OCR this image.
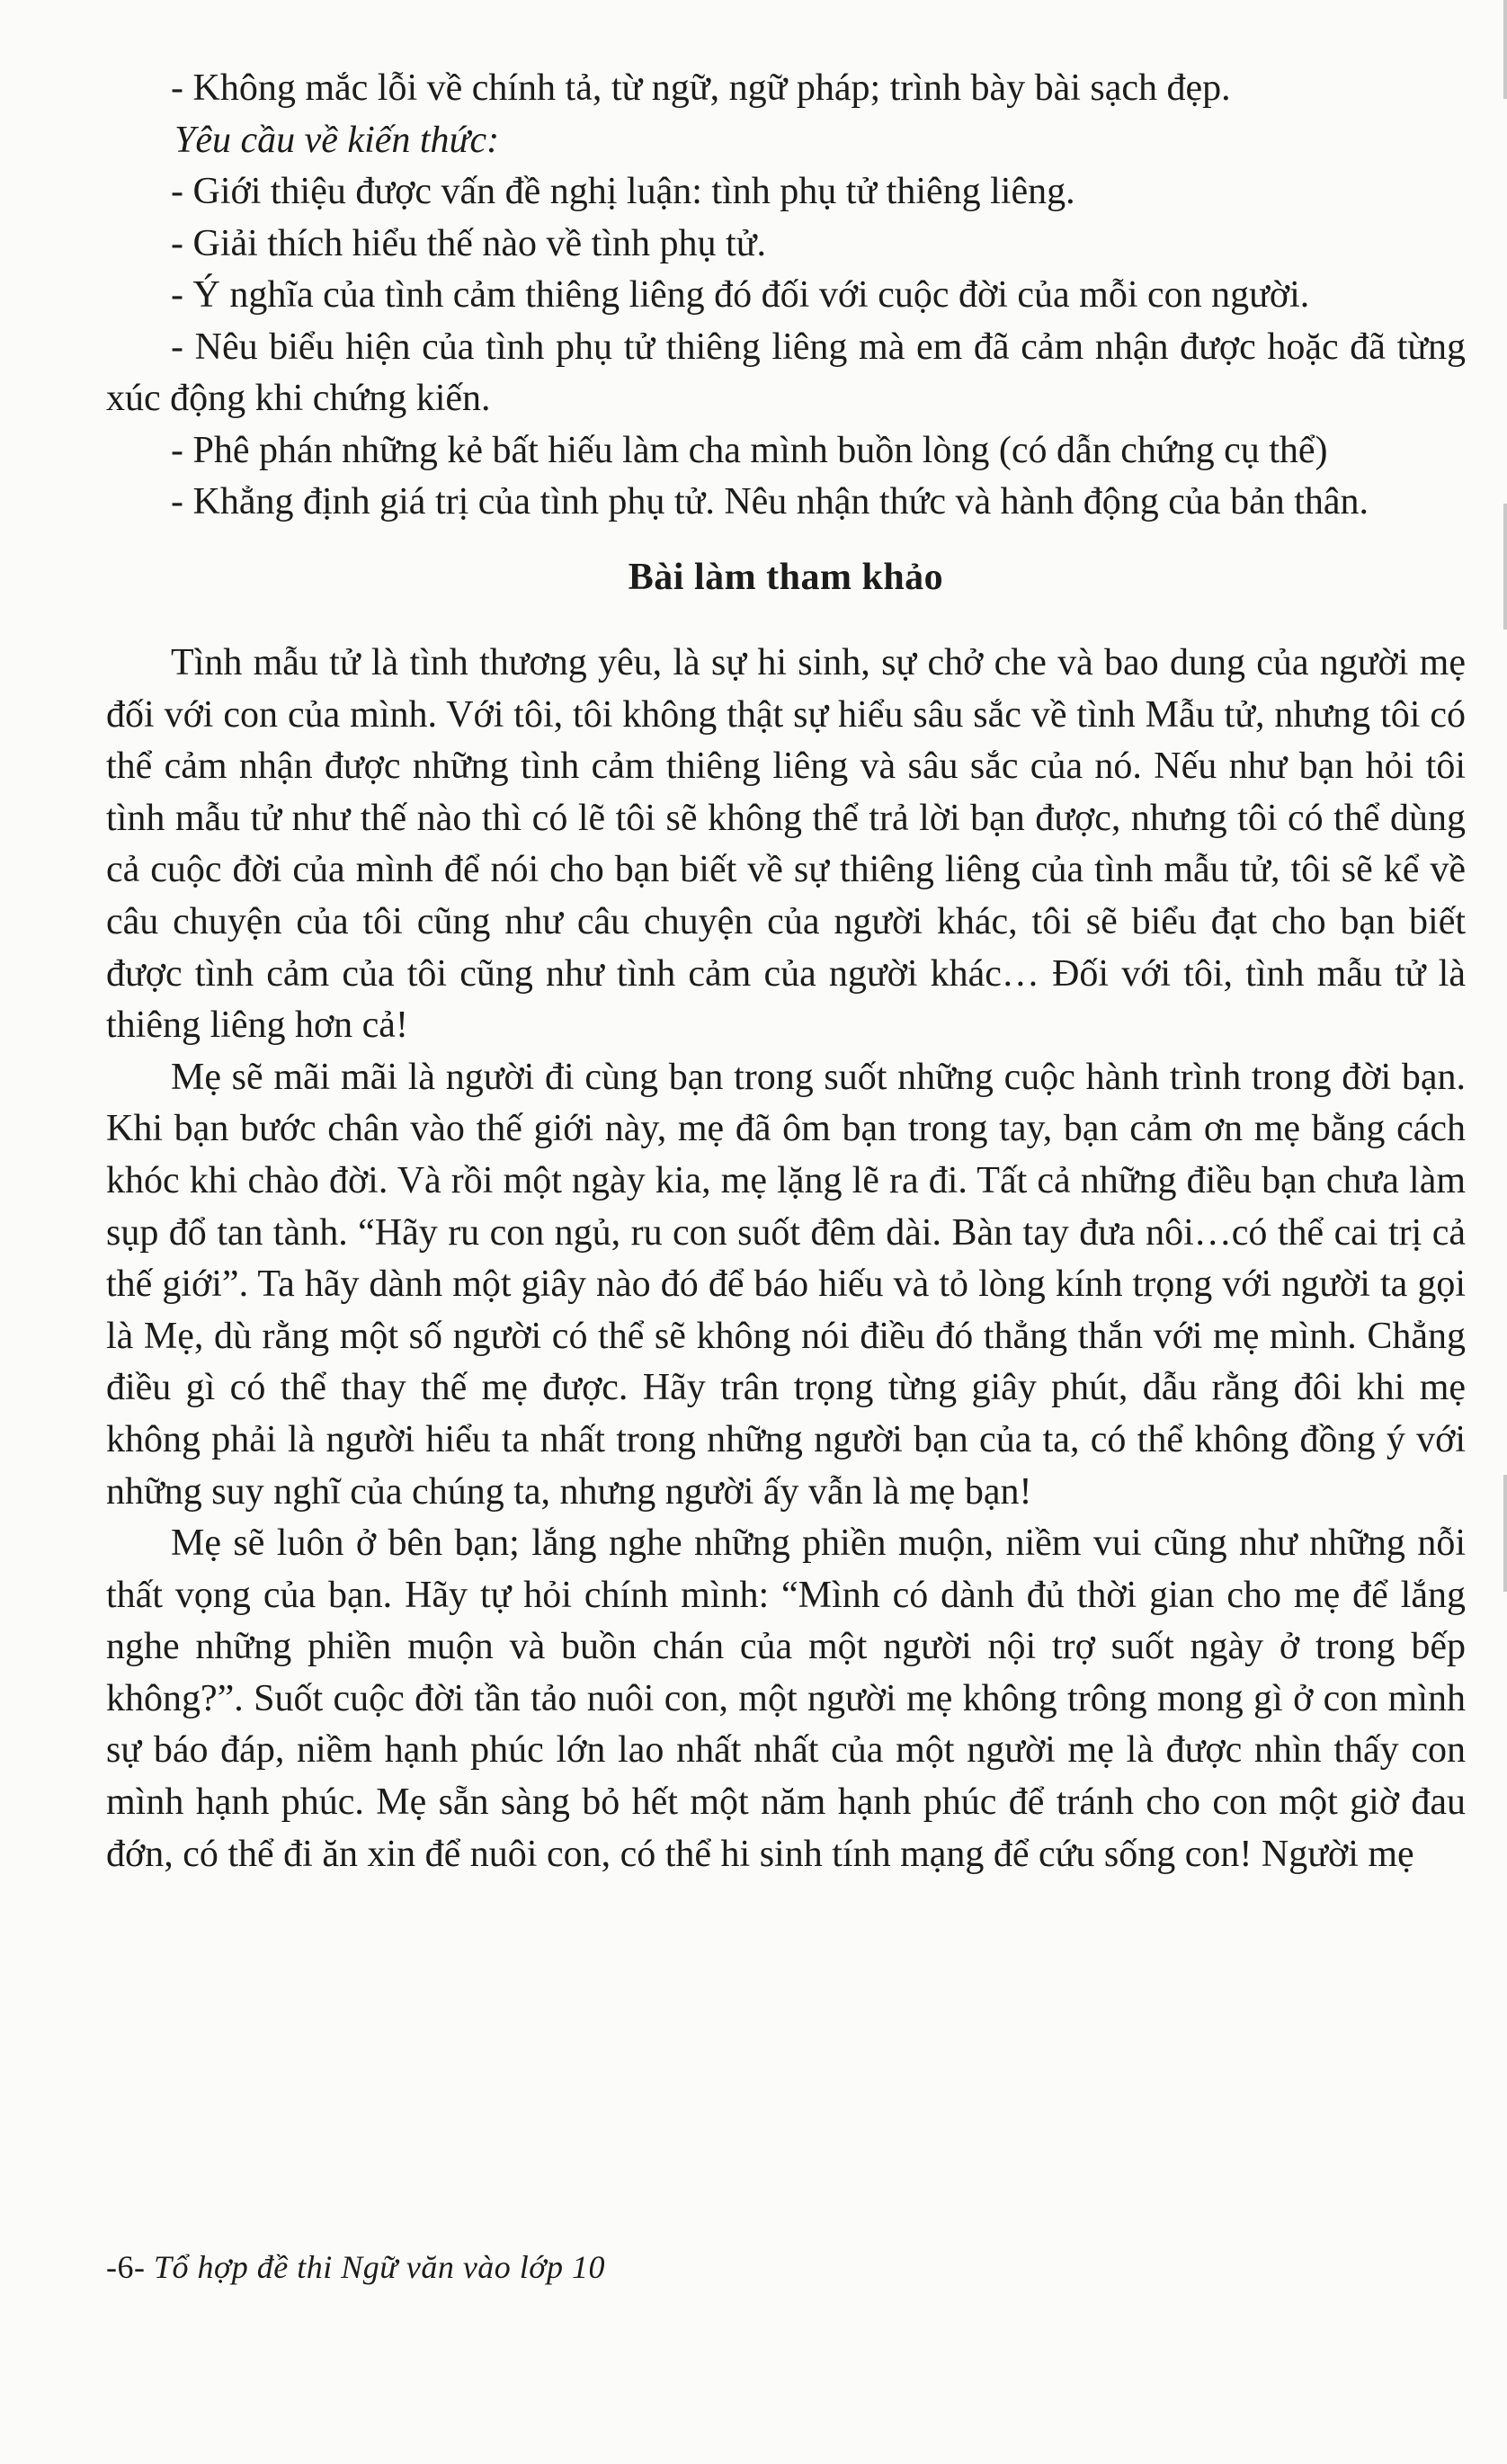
- Không mắc lỗi về chính tả, từ ngữ, ngữ pháp; trình bày bài sạch đẹp.

Yêu cầu về kiến thức:

- Giới thiệu được vấn đề nghị luận: tình phụ tử thiêng liêng.

- Giải thích hiểu thế nào về tình phụ tử.

- Ý nghĩa của tình cảm thiêng liêng đó đối với cuộc đời của mỗi con người.

- Nêu biểu hiện của tình phụ tử thiêng liêng mà em đã cảm nhận được hoặc đã từng xúc động khi chứng kiến.

- Phê phán những kẻ bất hiếu làm cha mình buồn lòng (có dẫn chứng cụ thể)

- Khẳng định giá trị của tình phụ tử. Nêu nhận thức và hành động của bản thân.

Bài làm tham khảo

Tình mẫu tử là tình thương yêu, là sự hi sinh, sự chở che và bao dung của người mẹ đối với con của mình. Với tôi, tôi không thật sự hiểu sâu sắc về tình Mẫu tử, nhưng tôi có thể cảm nhận được những tình cảm thiêng liêng và sâu sắc của nó. Nếu như bạn hỏi tôi tình mẫu tử như thế nào thì có lẽ tôi sẽ không thể trả lời bạn được, nhưng tôi có thể dùng cả cuộc đời của mình để nói cho bạn biết về sự thiêng liêng của tình mẫu tử, tôi sẽ kể về câu chuyện của tôi cũng như câu chuyện của người khác, tôi sẽ biểu đạt cho bạn biết được tình cảm của tôi cũng như tình cảm của người khác… Đối với tôi, tình mẫu tử là thiêng liêng hơn cả!

Mẹ sẽ mãi mãi là người đi cùng bạn trong suốt những cuộc hành trình trong đời bạn. Khi bạn bước chân vào thế giới này, mẹ đã ôm bạn trong tay, bạn cảm ơn mẹ bằng cách khóc khi chào đời. Và rồi một ngày kia, mẹ lặng lẽ ra đi. Tất cả những điều bạn chưa làm sụp đổ tan tành. “Hãy ru con ngủ, ru con suốt đêm dài. Bàn tay đưa nôi…có thể cai trị cả thế giới”. Ta hãy dành một giây nào đó để báo hiếu và tỏ lòng kính trọng với người ta gọi là Mẹ, dù rằng một số người có thể sẽ không nói điều đó thẳng thắn với mẹ mình. Chẳng điều gì có thể thay thế mẹ được. Hãy trân trọng từng giây phút, dẫu rằng đôi khi mẹ không phải là người hiểu ta nhất trong những người bạn của ta, có thể không đồng ý với những suy nghĩ của chúng ta, nhưng người ấy vẫn là mẹ bạn!

Mẹ sẽ luôn ở bên bạn; lắng nghe những phiền muộn, niềm vui cũng như những nỗi thất vọng của bạn. Hãy tự hỏi chính mình: “Mình có dành đủ thời gian cho mẹ để lắng nghe những phiền muộn và buồn chán của một người nội trợ suốt ngày ở trong bếp không?”. Suốt cuộc đời tần tảo nuôi con, một người mẹ không trông mong gì ở con mình sự báo đáp, niềm hạnh phúc lớn lao nhất nhất của một người mẹ là được nhìn thấy con mình hạnh phúc. Mẹ sẵn sàng bỏ hết một năm hạnh phúc để tránh cho con một giờ đau đớn, có thể đi ăn xin để nuôi con, có thể hi sinh tính mạng để cứu sống con! Người mẹ

-6- Tổ hợp đề thi Ngữ văn vào lớp 10
